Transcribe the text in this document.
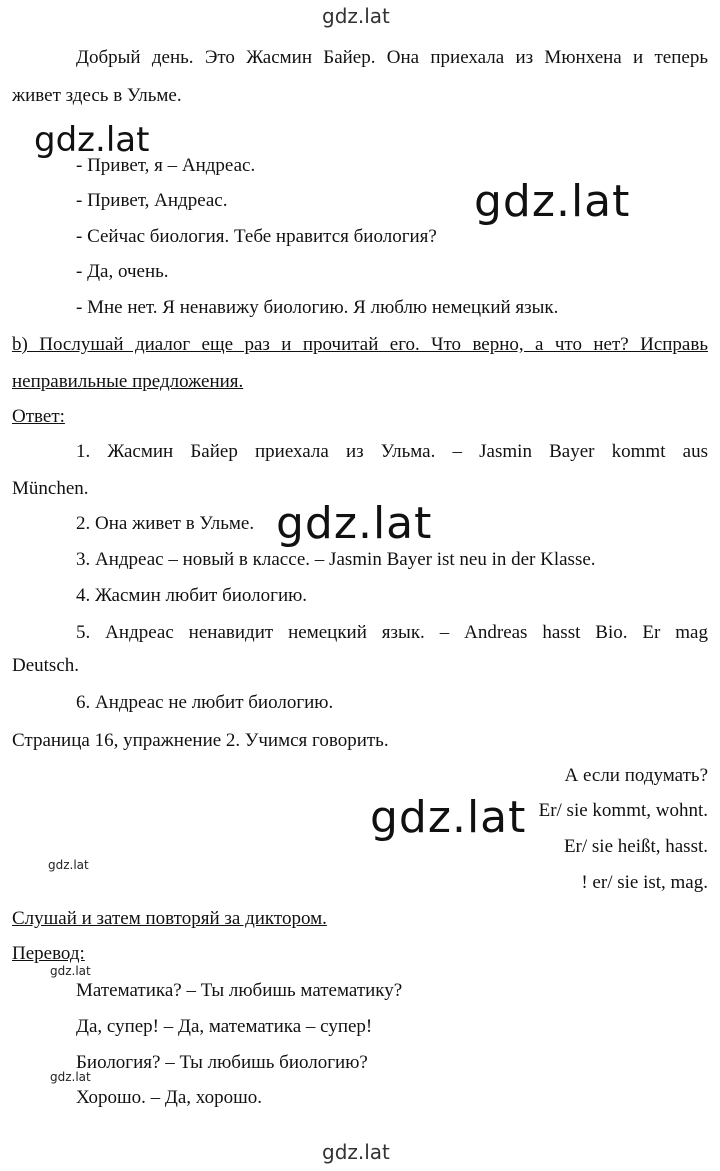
gdz.lat
Добрый день. Это Жасмин Байер. Она приехала из Мюнхена и теперь
живет здесь в Ульме.
gdz.lat
- Привет, я – Андреас.
- Привет, Андреас.	gdz.lat
- Сейчас биология. Тебе нравится биология?
- Да, очень.
- Мне нет. Я ненавижу биологию. Я люблю немецкий язык.
b) Послушай диалог еще раз и прочитай его. Что верно, а что нет? Исправь
неправильные предложения.
Ответ:
1. Жасмин Байер приехала из Ульма. – Jasmin Bayer kommt aus
München.
2. Она живет в Ульме. gdz.lat
3. Андреас – новый в классе. – Jasmin Bayer ist neu in der Klasse.
4. Жасмин любит биологию.
5. Андреас ненавидит немецкий язык. – Andreas hasst Bio. Er mag
Deutsch.
6. Андреас не любит биологию.
Страница 16, упражнение 2. Учимся говорить.
А если подумать?
Er/ sie kommt, wohnt.
gdz.lat
Er/ sie heißt, hasst.
gdz.lat
! er/ sie ist, mag.
Слушай и затем повторяй за диктором.
Перевод:
gdz.lat
Математика? – Ты любишь математику?
Да, супер! – Да, математика – супер!
Биология? – Ты любишь биологию?
gdz.lat
Хорошо. – Да, хорошо.
gdz.lat
